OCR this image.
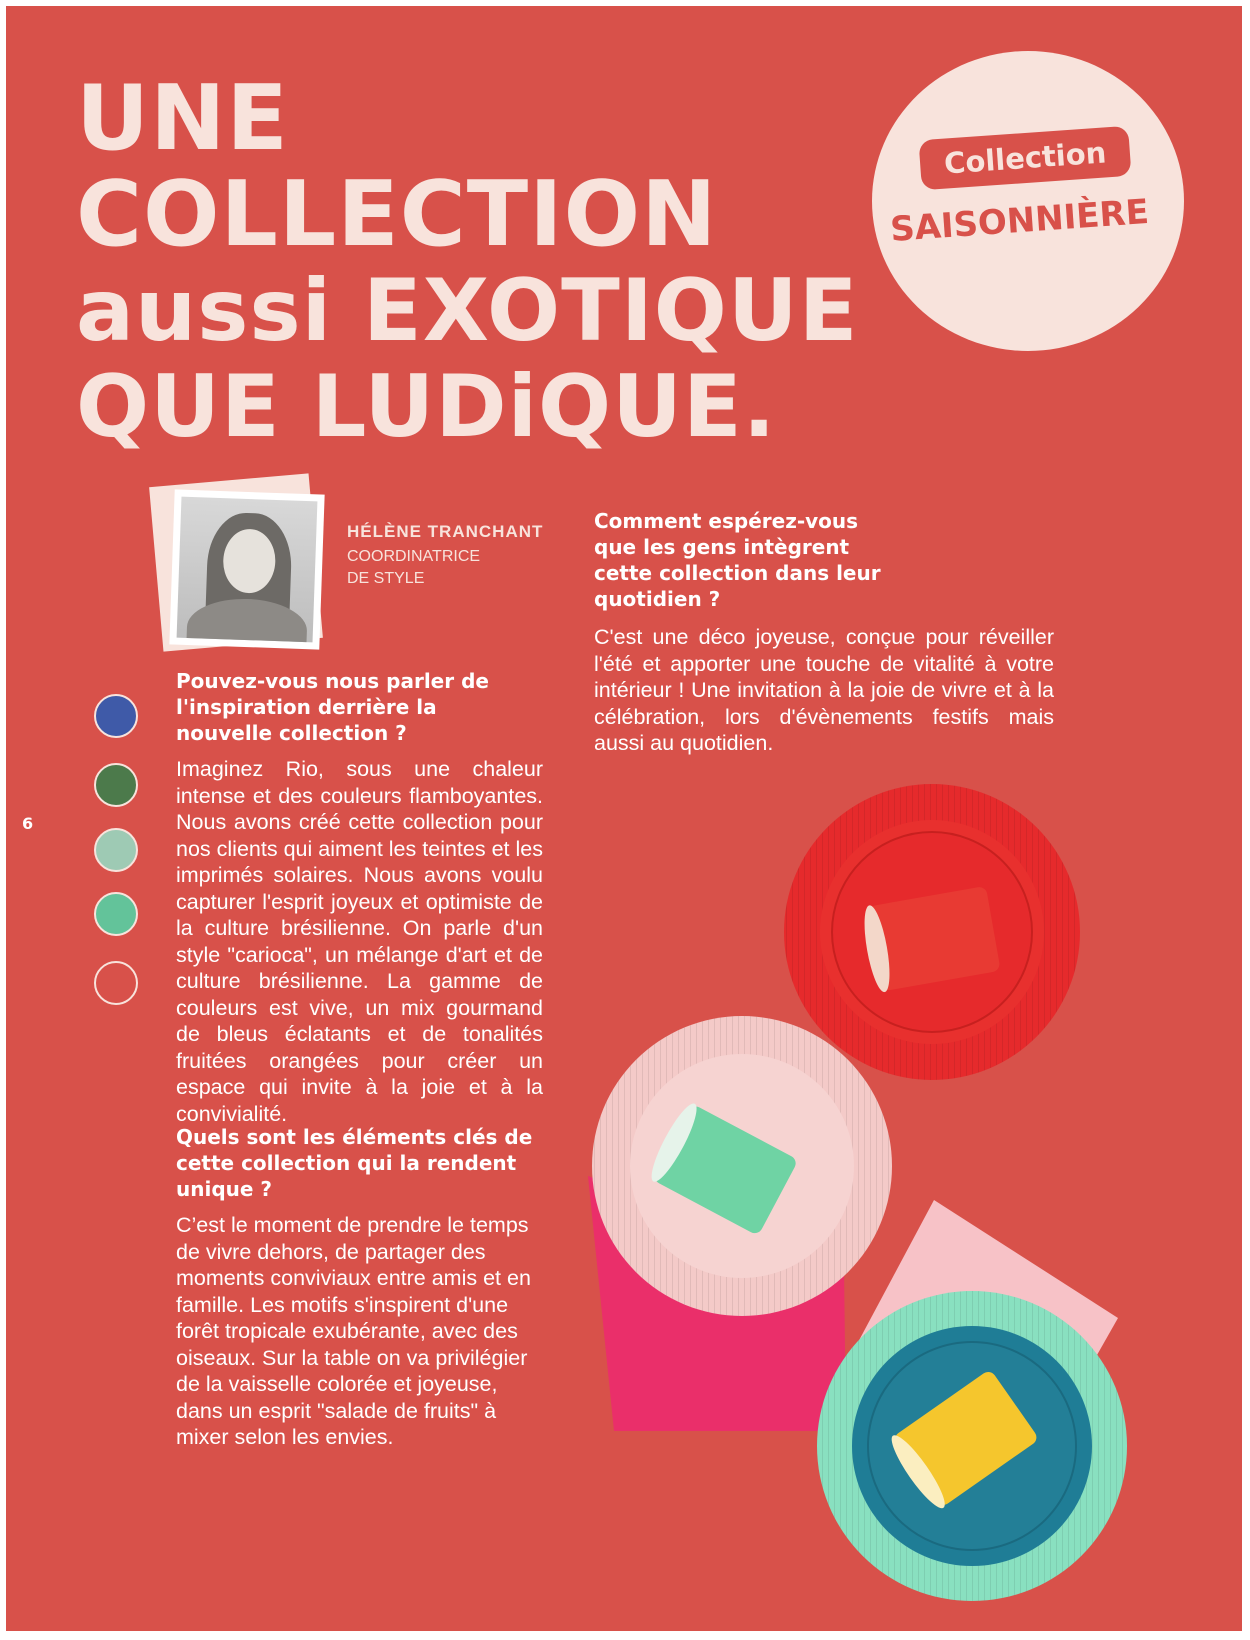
UNE
COLLECTION
aussi EXOTIQUE
QUE LUDiQUE.
Collection
SAISONNIÈRE
HÉLÈNE TRANCHANT
COORDINATRICE DE STYLE
Pouvez-vous nous parler de l'inspiration derrière la nouvelle collection ?

Imaginez Rio, sous une chaleur intense et des couleurs flamboyantes. Nous avons créé cette collection pour nos clients qui aiment les teintes et les imprimés solaires. Nous avons voulu capturer l'esprit joyeux et optimiste de la culture brésilienne. On parle d'un style "carioca", un mélange d'art et de culture brésilienne. La gamme de couleurs est vive, un mix gourmand de bleus éclatants et de tonalités fruitées orangées pour créer un espace qui invite à la joie et à la convivialité.

Quels sont les éléments clés de cette collection qui la rendent unique ?

C’est le moment de prendre le temps de vivre dehors, de partager des moments conviviaux entre amis et en famille. Les motifs s'inspirent d'une forêt tropicale exubérante, avec des oiseaux. Sur la table on va privilégier de la vaisselle colorée et joyeuse, dans un esprit "salade de fruits" à mixer selon les envies.

Comment espérez-vous que les gens intègrent cette collection dans leur quotidien ?

C'est une déco joyeuse, conçue pour réveiller l'été et apporter une touche de vitalité à votre intérieur ! Une invitation à la joie de vivre et à la célébration, lors d'évènements festifs mais aussi au quotidien.

6
